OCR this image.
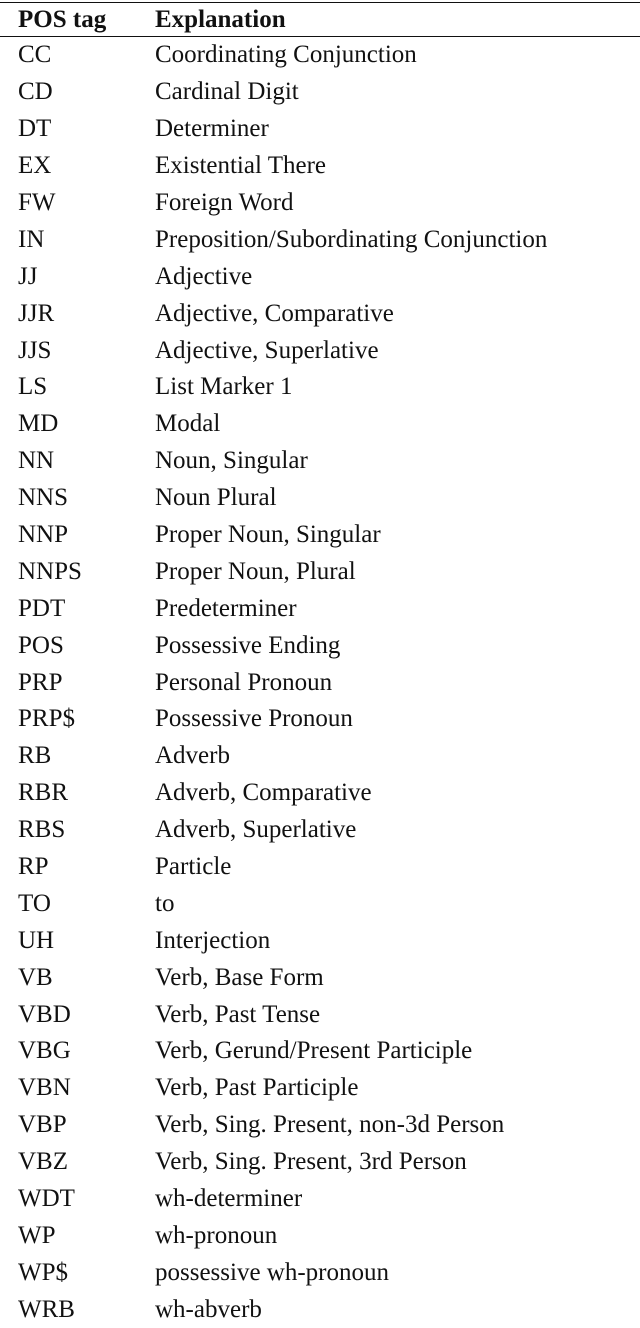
POS tag	Explanation
CC	Coordinating Conjunction
CD	Cardinal Digit
DT	Determiner
EX	Existential There
FW	Foreign Word
IN	Preposition/Subordinating Conjunction
JJ	Adjective
JJR	Adjective, Comparative
JJS	Adjective, Superlative
LS	List Marker 1
MD	Modal
NN	Noun, Singular
NNS	Noun Plural
NNP	Proper Noun, Singular
NNPS	Proper Noun, Plural
PDT	Predeterminer
POS	Possessive Ending
PRP	Personal Pronoun
PRP$	Possessive Pronoun
RB	Adverb
RBR	Adverb, Comparative
RBS	Adverb, Superlative
RP	Particle
TO	to
UH	Interjection
VB	Verb, Base Form
VBD	Verb, Past Tense
VBG	Verb, Gerund/Present Participle
VBN	Verb, Past Participle
VBP	Verb, Sing. Present, non-3d Person
VBZ	Verb, Sing. Present, 3rd Person
WDT	wh-determiner
WP	wh-pronoun
WP$	possessive wh-pronoun
WRB	wh-abverb
